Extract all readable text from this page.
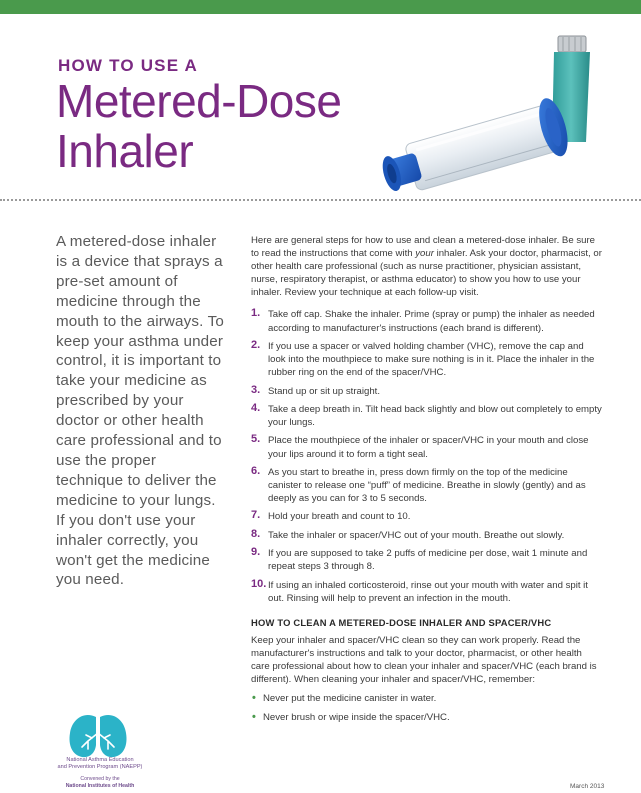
HOW TO USE A
Metered-Dose
Inhaler

A metered-dose inhaler is a device that sprays a pre-set amount of medicine through the mouth to the airways. To keep your asthma under control, it is important to take your medicine as prescribed by your doctor or other health care professional and to use the proper technique to deliver the medicine to your lungs. If you don't use your inhaler correctly, you won't get the medicine you need.

Here are general steps for how to use and clean a metered-dose inhaler. Be sure to read the instructions that come with your inhaler. Ask your doctor, pharmacist, or other health care professional (such as nurse practitioner, physician assistant, nurse, respiratory therapist, or asthma educator) to show you how to use your inhaler. Review your technique at each follow-up visit.

1. Take off cap. Shake the inhaler. Prime (spray or pump) the inhaler as needed according to manufacturer's instructions (each brand is different).
2. If you use a spacer or valved holding chamber (VHC), remove the cap and look into the mouthpiece to make sure nothing is in it. Place the inhaler in the rubber ring on the end of the spacer/VHC.
3. Stand up or sit up straight.
4. Take a deep breath in. Tilt head back slightly and blow out completely to empty your lungs.
5. Place the mouthpiece of the inhaler or spacer/VHC in your mouth and close your lips around it to form a tight seal.
6. As you start to breathe in, press down firmly on the top of the medicine canister to release one “puff” of medicine. Breathe in slowly (gently) and as deeply as you can for 3 to 5 seconds.
7. Hold your breath and count to 10.
8. Take the inhaler or spacer/VHC out of your mouth. Breathe out slowly.
9. If you are supposed to take 2 puffs of medicine per dose, wait 1 minute and repeat steps 3 through 8.
10. If using an inhaled corticosteroid, rinse out your mouth with water and spit it out. Rinsing will help to prevent an infection in the mouth.
HOW TO CLEAN A METERED-DOSE INHALER AND SPACER/VHC

Keep your inhaler and spacer/VHC clean so they can work properly. Read the manufacturer's instructions and talk to your doctor, pharmacist, or other health care professional about how to clean your inhaler and spacer/VHC (each brand is different). When cleaning your inhaler and spacer/VHC, remember:

• Never put the medicine canister in water.
• Never brush or wipe inside the spacer/VHC.
National Asthma Education
and Prevention Program (NAEPP)
Convened by the
National Institutes of Health	March 2013
